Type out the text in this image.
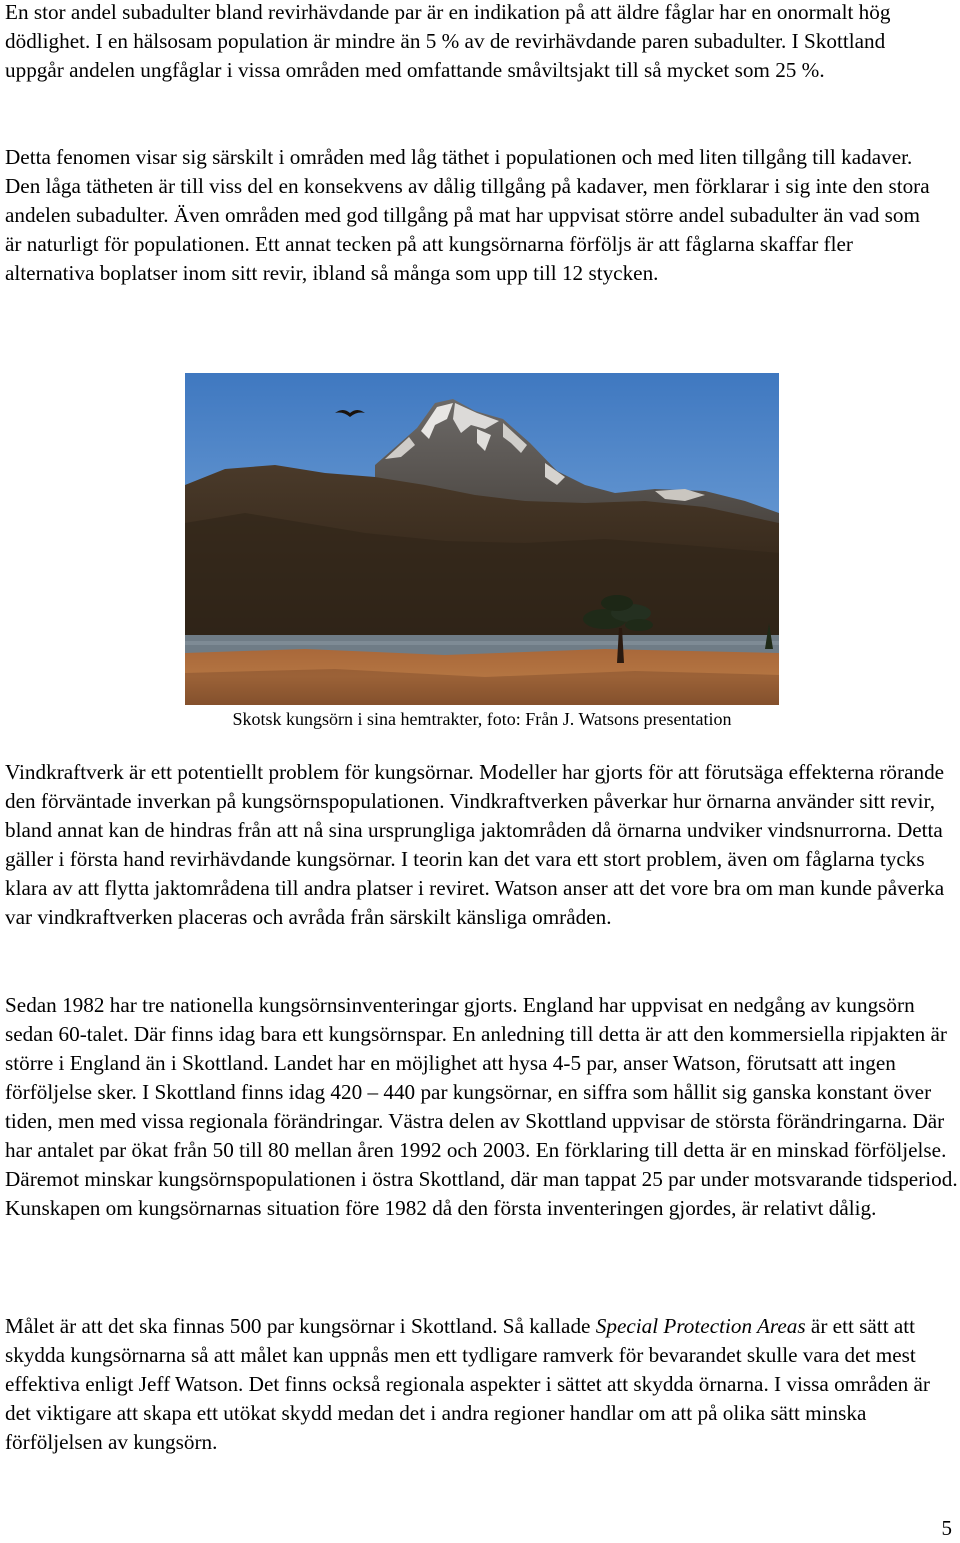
En stor andel subadulter bland revirhävdande par är en indikation på att äldre fåglar har en onormalt hög dödlighet. I en hälsosam population är mindre än 5 % av de revirhävdande paren subadulter. I Skottland uppgår andelen ungfåglar i vissa områden med omfattande småviltsjakt till så mycket som 25 %.

Detta fenomen visar sig särskilt i områden med låg täthet i populationen och med liten tillgång till kadaver. Den låga tätheten är till viss del en konsekvens av dålig tillgång på kadaver, men förklarar i sig inte den stora andelen subadulter. Även områden med god tillgång på mat har uppvisat större andel subadulter än vad som är naturligt för populationen. Ett annat tecken på att kungsörnarna förföljs är att fåglarna skaffar fler alternativa boplatser inom sitt revir, ibland så många som upp till 12 stycken.

Skotsk kungsörn i sina hemtrakter, foto: Från J. Watsons presentation

Vindkraftverk är ett potentiellt problem för kungsörnar. Modeller har gjorts för att förutsäga effekterna rörande den förväntade inverkan på kungsörnspopulationen. Vindkraftverken påverkar hur örnarna använder sitt revir, bland annat kan de hindras från att nå sina ursprungliga jaktområden då örnarna undviker vindsnurrorna. Detta gäller i första hand revirhävdande kungsörnar. I teorin kan det vara ett stort problem, även om fåglarna tycks klara av att flytta jaktområdena till andra platser i reviret. Watson anser att det vore bra om man kunde påverka var vindkraftverken placeras och avråda från särskilt känsliga områden.

Sedan 1982 har tre nationella kungsörnsinventeringar gjorts. England har uppvisat en nedgång av kungsörn sedan 60-talet. Där finns idag bara ett kungsörnspar. En anledning till detta är att den kommersiella ripjakten är större i England än i Skottland. Landet har en möjlighet att hysa 4-5 par, anser Watson, förutsatt att ingen förföljelse sker. I Skottland finns idag 420 – 440 par kungsörnar, en siffra som hållit sig ganska konstant över tiden, men med vissa regionala förändringar. Västra delen av Skottland uppvisar de största förändringarna. Där har antalet par ökat från 50 till 80 mellan åren 1992 och 2003. En förklaring till detta är en minskad förföljelse. Däremot minskar kungsörnspopulationen i östra Skottland, där man tappat 25 par under motsvarande tidsperiod. Kunskapen om kungsörnarnas situation före 1982 då den första inventeringen gjordes, är relativt dålig.

Målet är att det ska finnas 500 par kungsörnar i Skottland. Så kallade Special Protection Areas är ett sätt att skydda kungsörnarna så att målet kan uppnås men ett tydligare ramverk för bevarandet skulle vara det mest effektiva enligt Jeff Watson. Det finns också regionala aspekter i sättet att skydda örnarna. I vissa områden är det viktigare att skapa ett utökat skydd medan det i andra regioner handlar om att på olika sätt minska förföljelsen av kungsörn.

5
